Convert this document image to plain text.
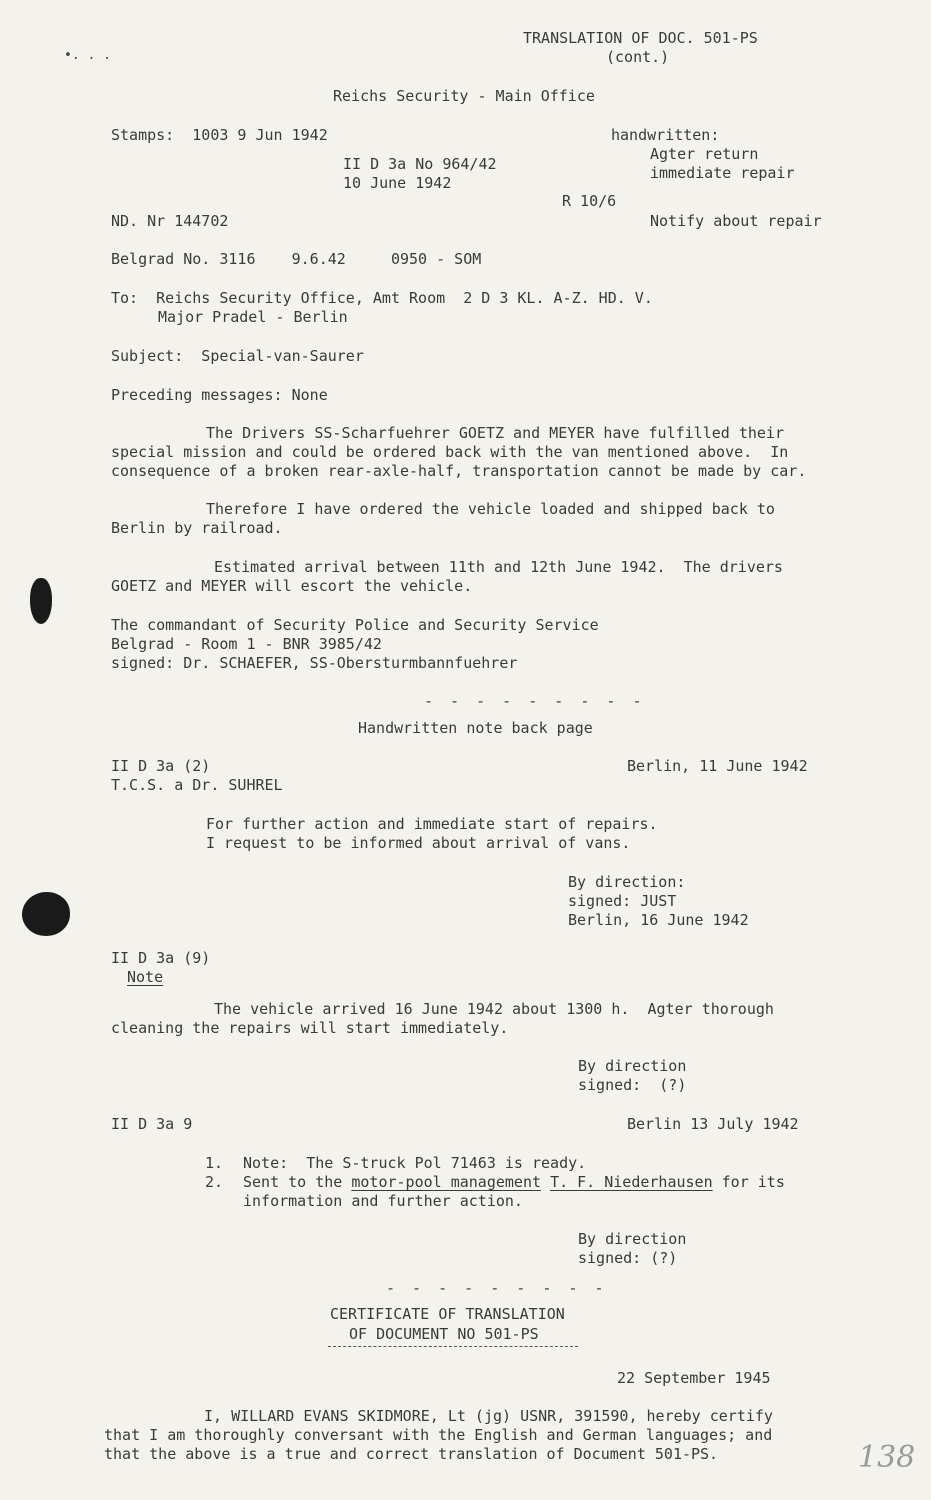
•. . .
TRANSLATION OF DOC. 501-PS
(cont.)
Reichs Security - Main Office
Stamps:  1003 9 Jun 1942	handwritten:
Agter return
II D 3a No 964/42	immediate repair
10 June 1942
R 10/6
ND. Nr 144702	Notify about repair
Belgrad No. 3116    9.6.42     0950 - SOM
To:  Reichs Security Office, Amt Room  2 D 3 KL. A-Z. HD. V.
Major Pradel - Berlin
Subject:  Special-van-Saurer
Preceding messages: None
The Drivers SS-Scharfuehrer GOETZ and MEYER have fulfilled their
special mission and could be ordered back with the van mentioned above.  In
consequence of a broken rear-axle-half, transportation cannot be made by car.
Therefore I have ordered the vehicle loaded and shipped back to
Berlin by railroad.
Estimated arrival between 11th and 12th June 1942.  The drivers
GOETZ and MEYER will escort the vehicle.
The commandant of Security Police and Security Service
Belgrad - Room 1 - BNR 3985/42
signed: Dr. SCHAEFER, SS-Obersturmbannfuehrer
- - - - - - - - -
Handwritten note back page
II D 3a (2)	Berlin, 11 June 1942
T.C.S. a Dr. SUHREL
For further action and immediate start of repairs.
I request to be informed about arrival of vans.
By direction:
signed: JUST
Berlin, 16 June 1942
II D 3a (9)
Note
The vehicle arrived 16 June 1942 about 1300 h.  Agter thorough
cleaning the repairs will start immediately.
By direction
signed:  (?)
II D 3a 9	Berlin 13 July 1942
1. Note:  The S-truck Pol 71463 is ready.
2. Sent to the motor-pool management T. F. Niederhausen for its
information and further action.
By direction
signed: (?)
- - - - - - - - -
CERTIFICATE OF TRANSLATION
OF DOCUMENT NO 501-PS
22 September 1945
I, WILLARD EVANS SKIDMORE, Lt (jg) USNR, 391590, hereby certify
that I am thoroughly conversant with the English and German languages; and
that the above is a true and correct translation of Document 501-PS.	138
